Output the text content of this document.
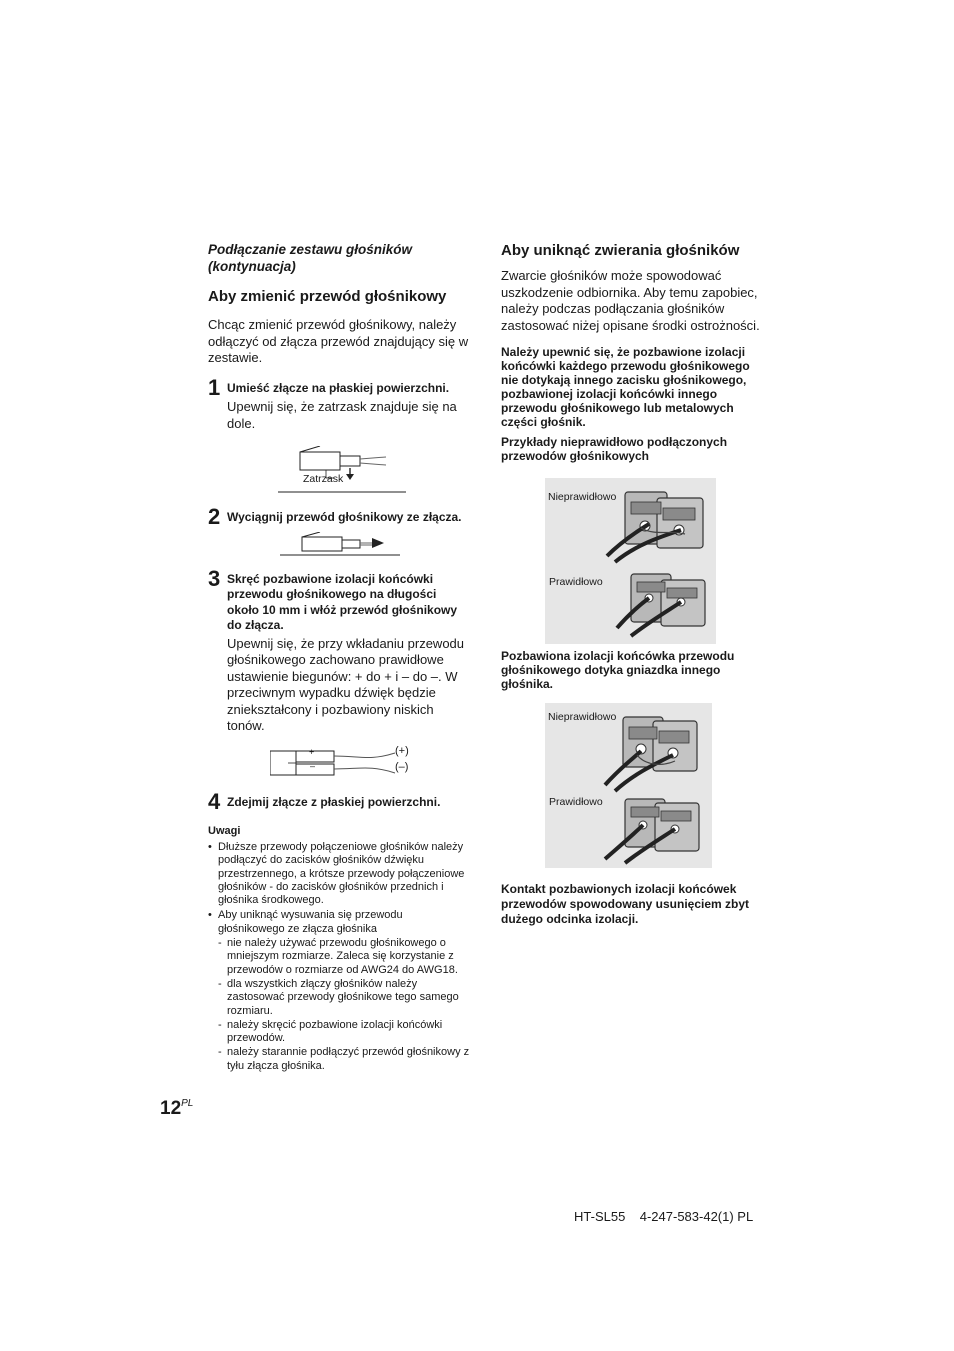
Podłączanie zestawu głośników (kontynuacja)

Aby zmienić przewód głośnikowy

Chcąc zmienić przewód głośnikowy, należy odłączyć od złącza przewód znajdujący się w zestawie.

1 Umieść złącze na płaskiej powierzchni.

Upewnij się, że zatrzask znajduje się na dole.

Zatrzask
2 Wyciągnij przewód głośnikowy ze złącza.

3 Skręć pozbawione izolacji końcówki przewodu głośnikowego na długości około 10 mm i włóż przewód głośnikowy do złącza.

Upewnij się, że przy wkładaniu przewodu głośnikowego zachowano prawidłowe ustawienie biegunów: + do + i – do –. W przeciwnym wypadku dźwięk będzie zniekształcony i pozbawiony niskich tonów.

+
–
(+)
(–)
4 Zdejmij złącze z płaskiej powierzchni.

Uwagi

• Dłuższe przewody połączeniowe głośników należy podłączyć do zacisków głośników dźwięku przestrzennego, a krótsze przewody połączeniowe głośników - do zacisków głośników przednich i głośnika środkowego.

• Aby uniknąć wysuwania się przewodu głośnikowego ze złącza głośnika

- nie należy używać przewodu głośnikowego o mniejszym rozmiarze. Zaleca się korzystanie z przewodów o rozmiarze od AWG24 do AWG18.

- dla wszystkich złączy głośników należy zastosować przewody głośnikowe tego samego rozmiaru.

- należy skręcić pozbawione izolacji końcówki przewodów.

- należy starannie podłączyć przewód głośnikowy z tyłu złącza głośnika.

Aby uniknąć zwierania głośników

Zwarcie głośników może spowodować uszkodzenie odbiornika. Aby temu zapobiec, należy podczas podłączania głośników zastosować niżej opisane środki ostrożności.

Należy upewnić się, że pozbawione izolacji końcówki każdego przewodu głośnikowego nie dotykają innego zacisku głośnikowego, pozbawionej izolacji końcówki innego przewodu głośnikowego lub metalowych części głośnik.

Przykłady nieprawidłowo podłączonych przewodów głośnikowych

Nieprawidłowo
Prawidłowo

Pozbawiona izolacji końcówka przewodu głośnikowego dotyka gniazdka innego głośnika.

Nieprawidłowo
Prawidłowo

Kontakt pozbawionych izolacji końcówek przewodów spowodowany usunięciem zbyt dużego odcinka izolacji.

$12^{PL}$
HT-SL55    4-247-583-42(1) PL
